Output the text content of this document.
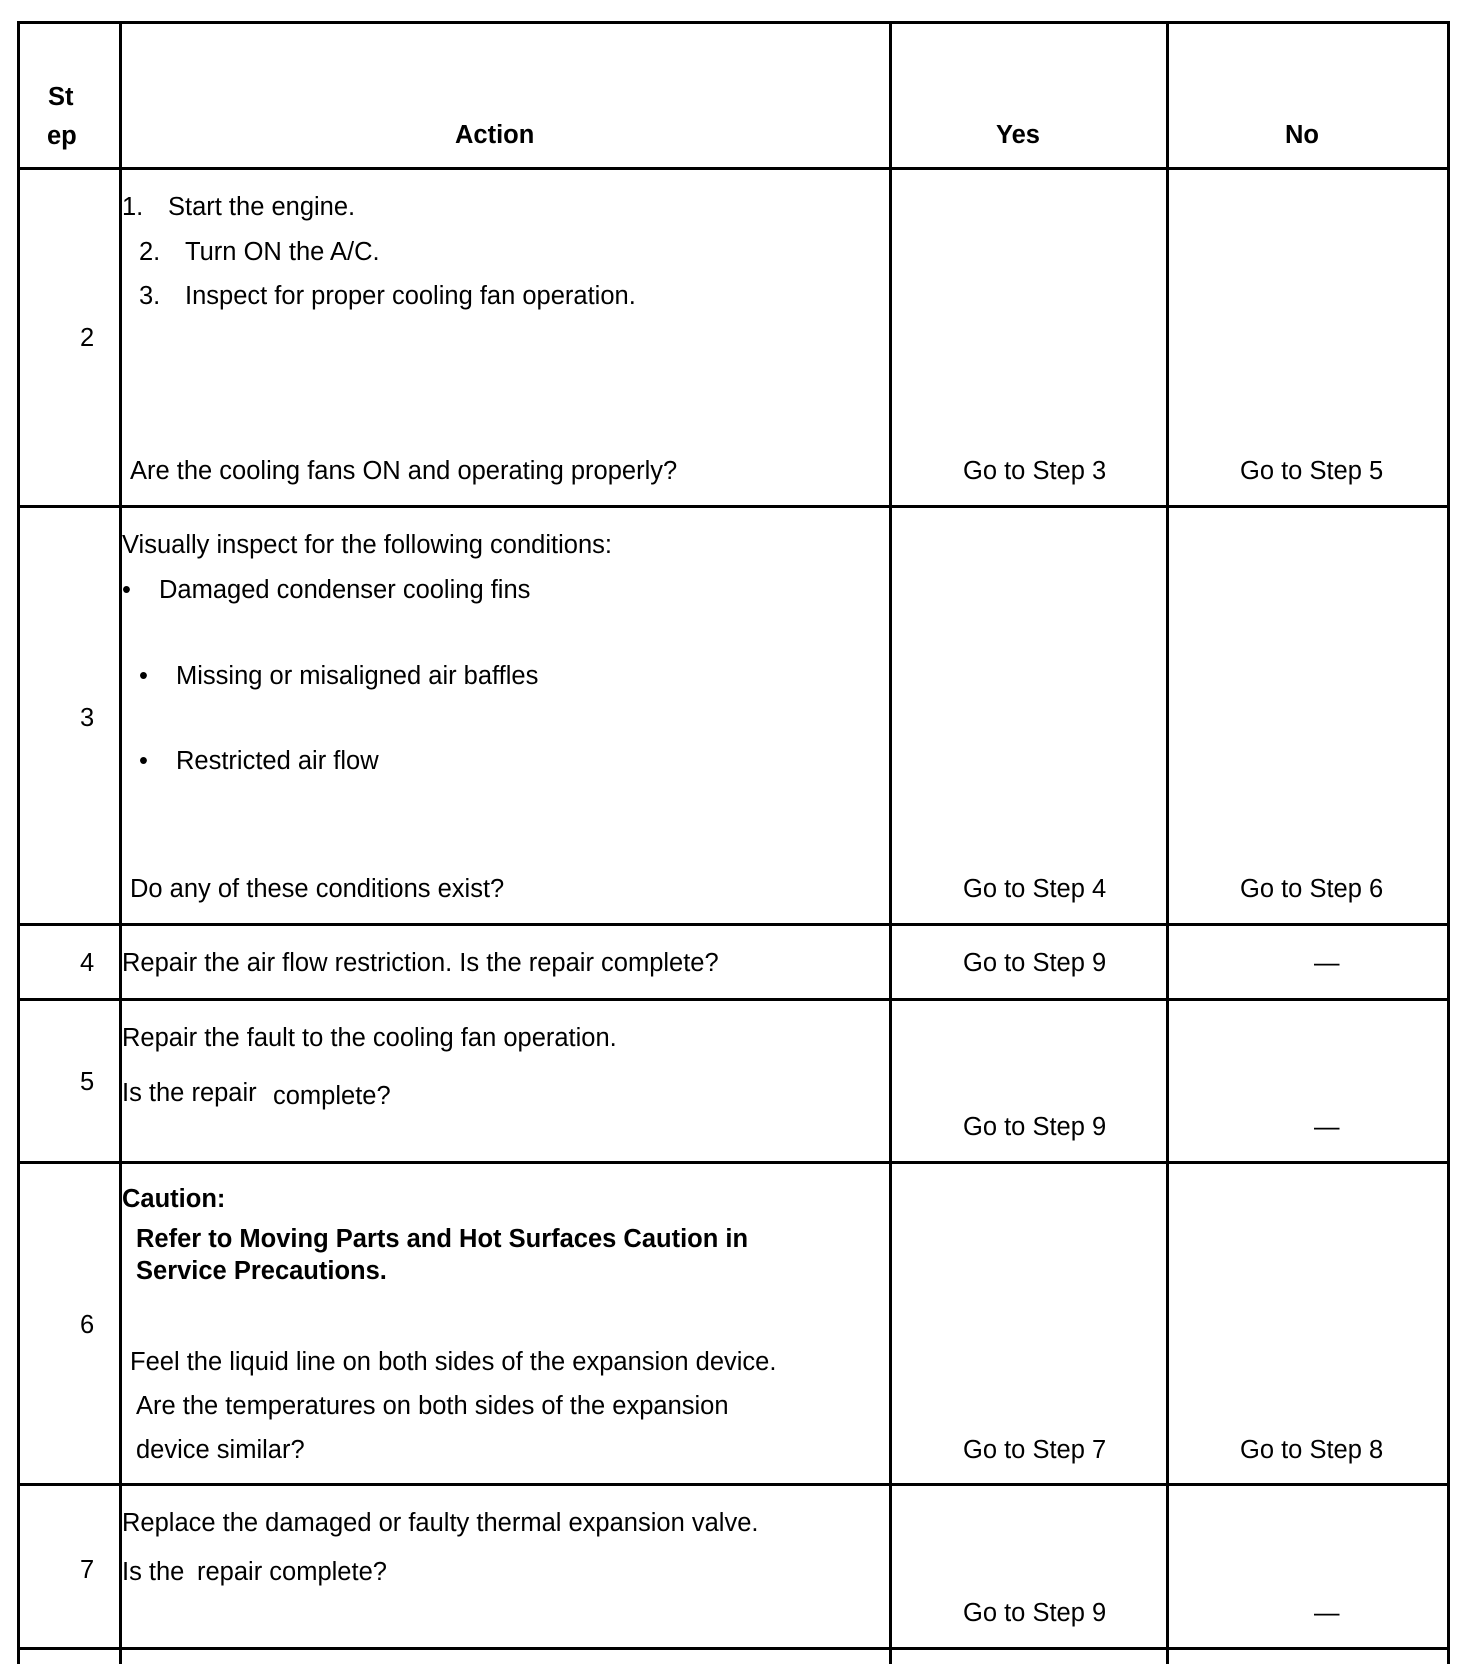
St
ep	Action	Yes	No
2
1. Start the engine.
2. Turn ON the A/C.
3. Inspect for proper cooling fan operation.
Are the cooling fans ON and operating properly?	Go to Step 3	Go to Step 5
3
Visually inspect for the following conditions:
• Damaged condenser cooling fins
• Missing or misaligned air baffles
• Restricted air flow
Do any of these conditions exist?	Go to Step 4	Go to Step 6
4 Repair the air flow restriction. Is the repair complete?	Go to Step 9	—
5
Repair the fault to the cooling fan operation.
Is the repair complete?
Go to Step 9	—
6
Caution:
Refer to Moving Parts and Hot Surfaces Caution in
Service Precautions.
Feel the liquid line on both sides of the expansion device.
Are the temperatures on both sides of the expansion
device similar?	Go to Step 7	Go to Step 8
7
Replace the damaged or faulty thermal expansion valve.
Is the repair complete?
Go to Step 9	—
